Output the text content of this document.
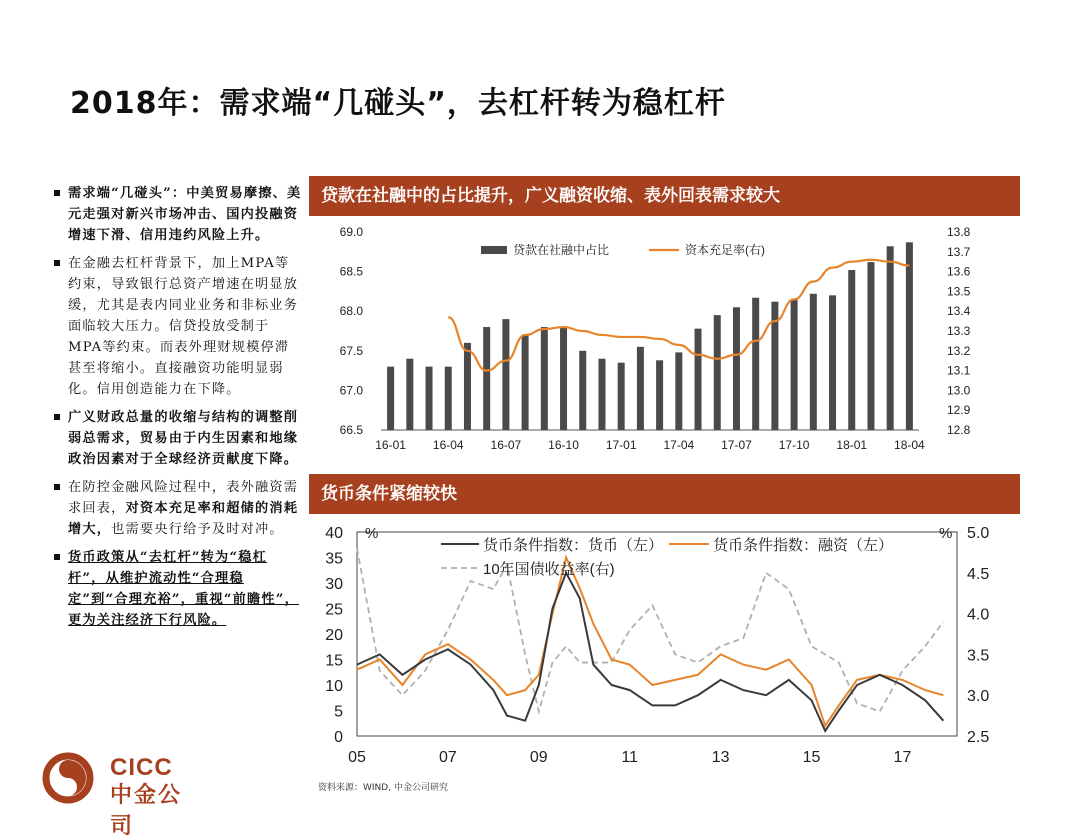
2018年：需求端“几碰头”，去杠杆转为稳杠杆
需求端“几碰头”：中美贸易摩擦、美元走强对新兴市场冲击、国内投融资增速下滑、信用违约风险上升。
在金融去杠杆背景下，加上MPA等约束，导致银行总资产增速在明显放缓，尤其是表内同业业务和非标业务面临较大压力。信贷投放受制于MPA等约束。而表外理财规模停滞甚至将缩小。直接融资功能明显弱化。信用创造能力在下降。
广义财政总量的收缩与结构的调整削弱总需求，贸易由于内生因素和地缘政治因素对于全球经济贡献度下降。
在防控金融风险过程中，表外融资需求回表，对资本充足率和超储的消耗增大，也需要央行给予及时对冲。
货币政策从“去杠杆”转为“稳杠杆”，从维护流动性“合理稳定”到“合理充裕”，重视“前瞻性”，更为关注经济下行风险。
贷款在社融中的占比提升，广义融资收缩、表外回表需求较大
66.5
67.0
67.5
68.0
68.5
69.0
12.8
12.9
13.0
13.1
13.2
13.3
13.4
13.5
13.6
13.7
13.8
16-01 16-04 16-07 16-10 17-01 17-04 17-07 17-10 18-01 18-04
贷款在社融中占比	资本充足率(右)
货币条件紧缩较快
0
5
10
15
20
25
30
35
40
2.5
3.0
3.5
4.0
4.5
5.0
%	%
05	07	09	11	13	15	17
货币条件指数：货币（左）	货币条件指数：融资（左）
10年国债收益率(右)
资料来源：WIND, 中金公司研究
CICC
中金公司
